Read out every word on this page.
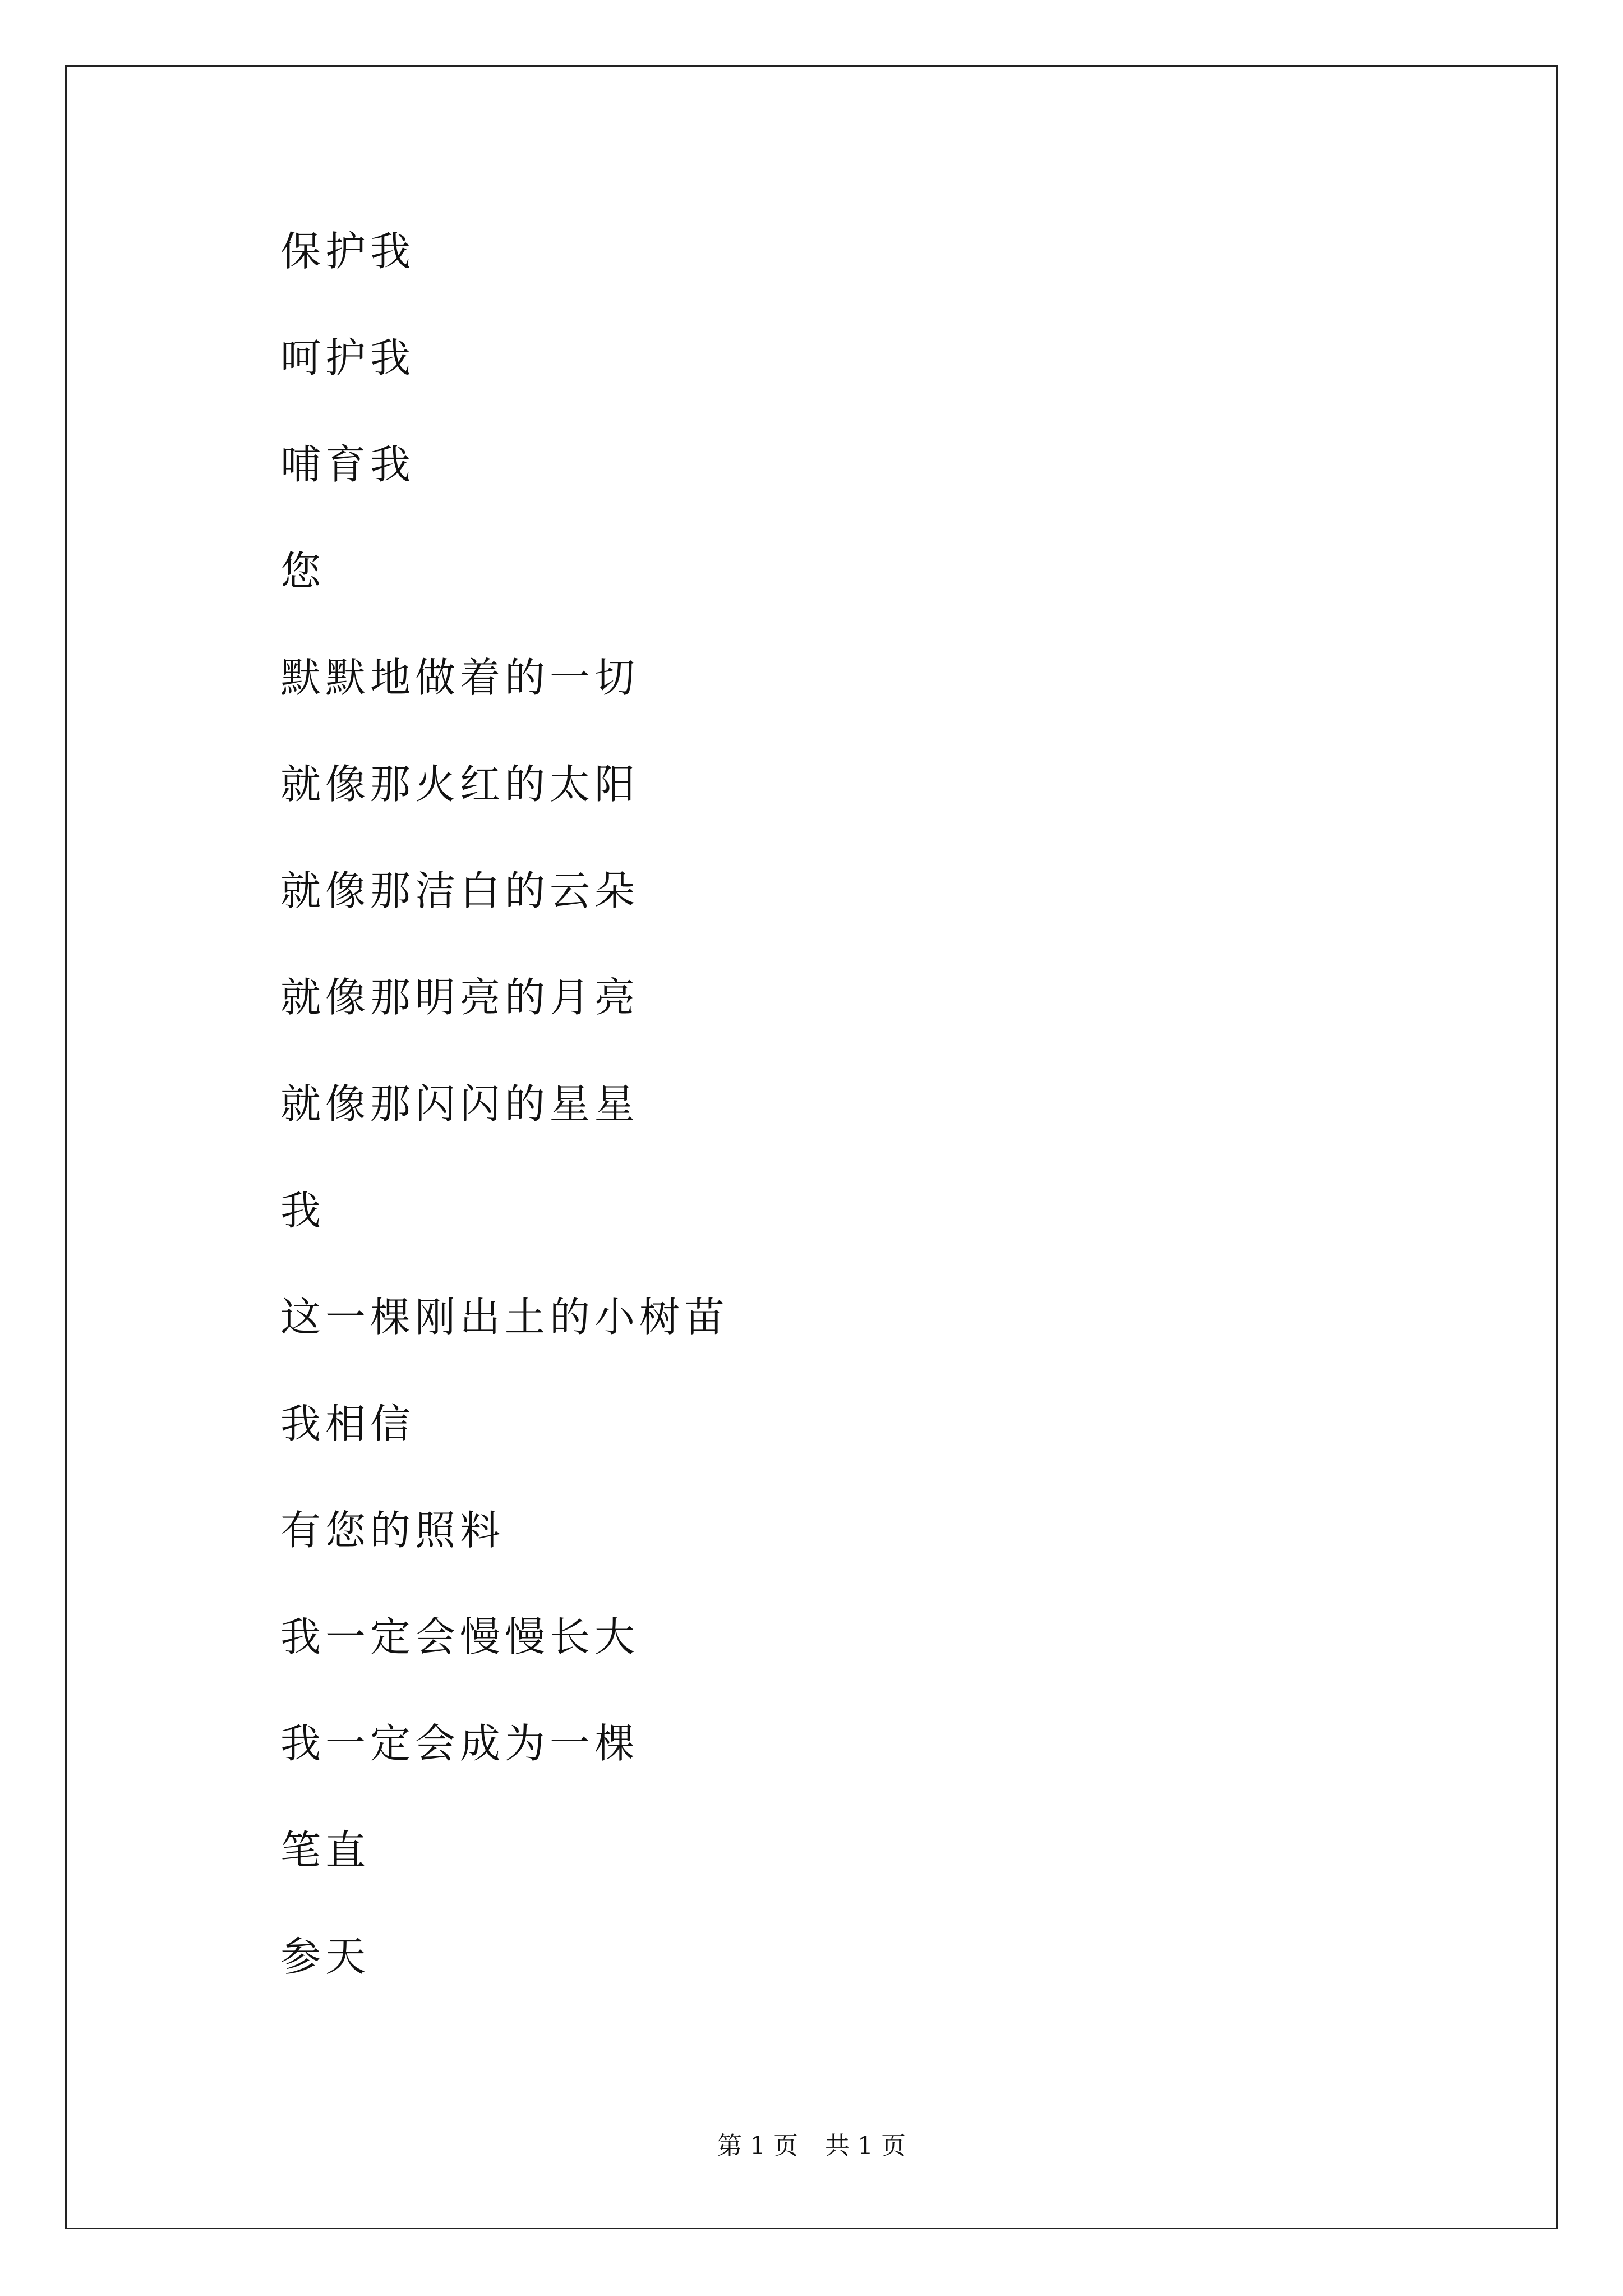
保护我
呵护我
哺育我
您
默默地做着的一切
就像那火红的太阳
就像那洁白的云朵
就像那明亮的月亮
就像那闪闪的星星
我
这一棵刚出土的小树苗
我相信
有您的照料
我一定会慢慢长大
我一定会成为一棵
笔直
参天
第 1 页 共 1 页
